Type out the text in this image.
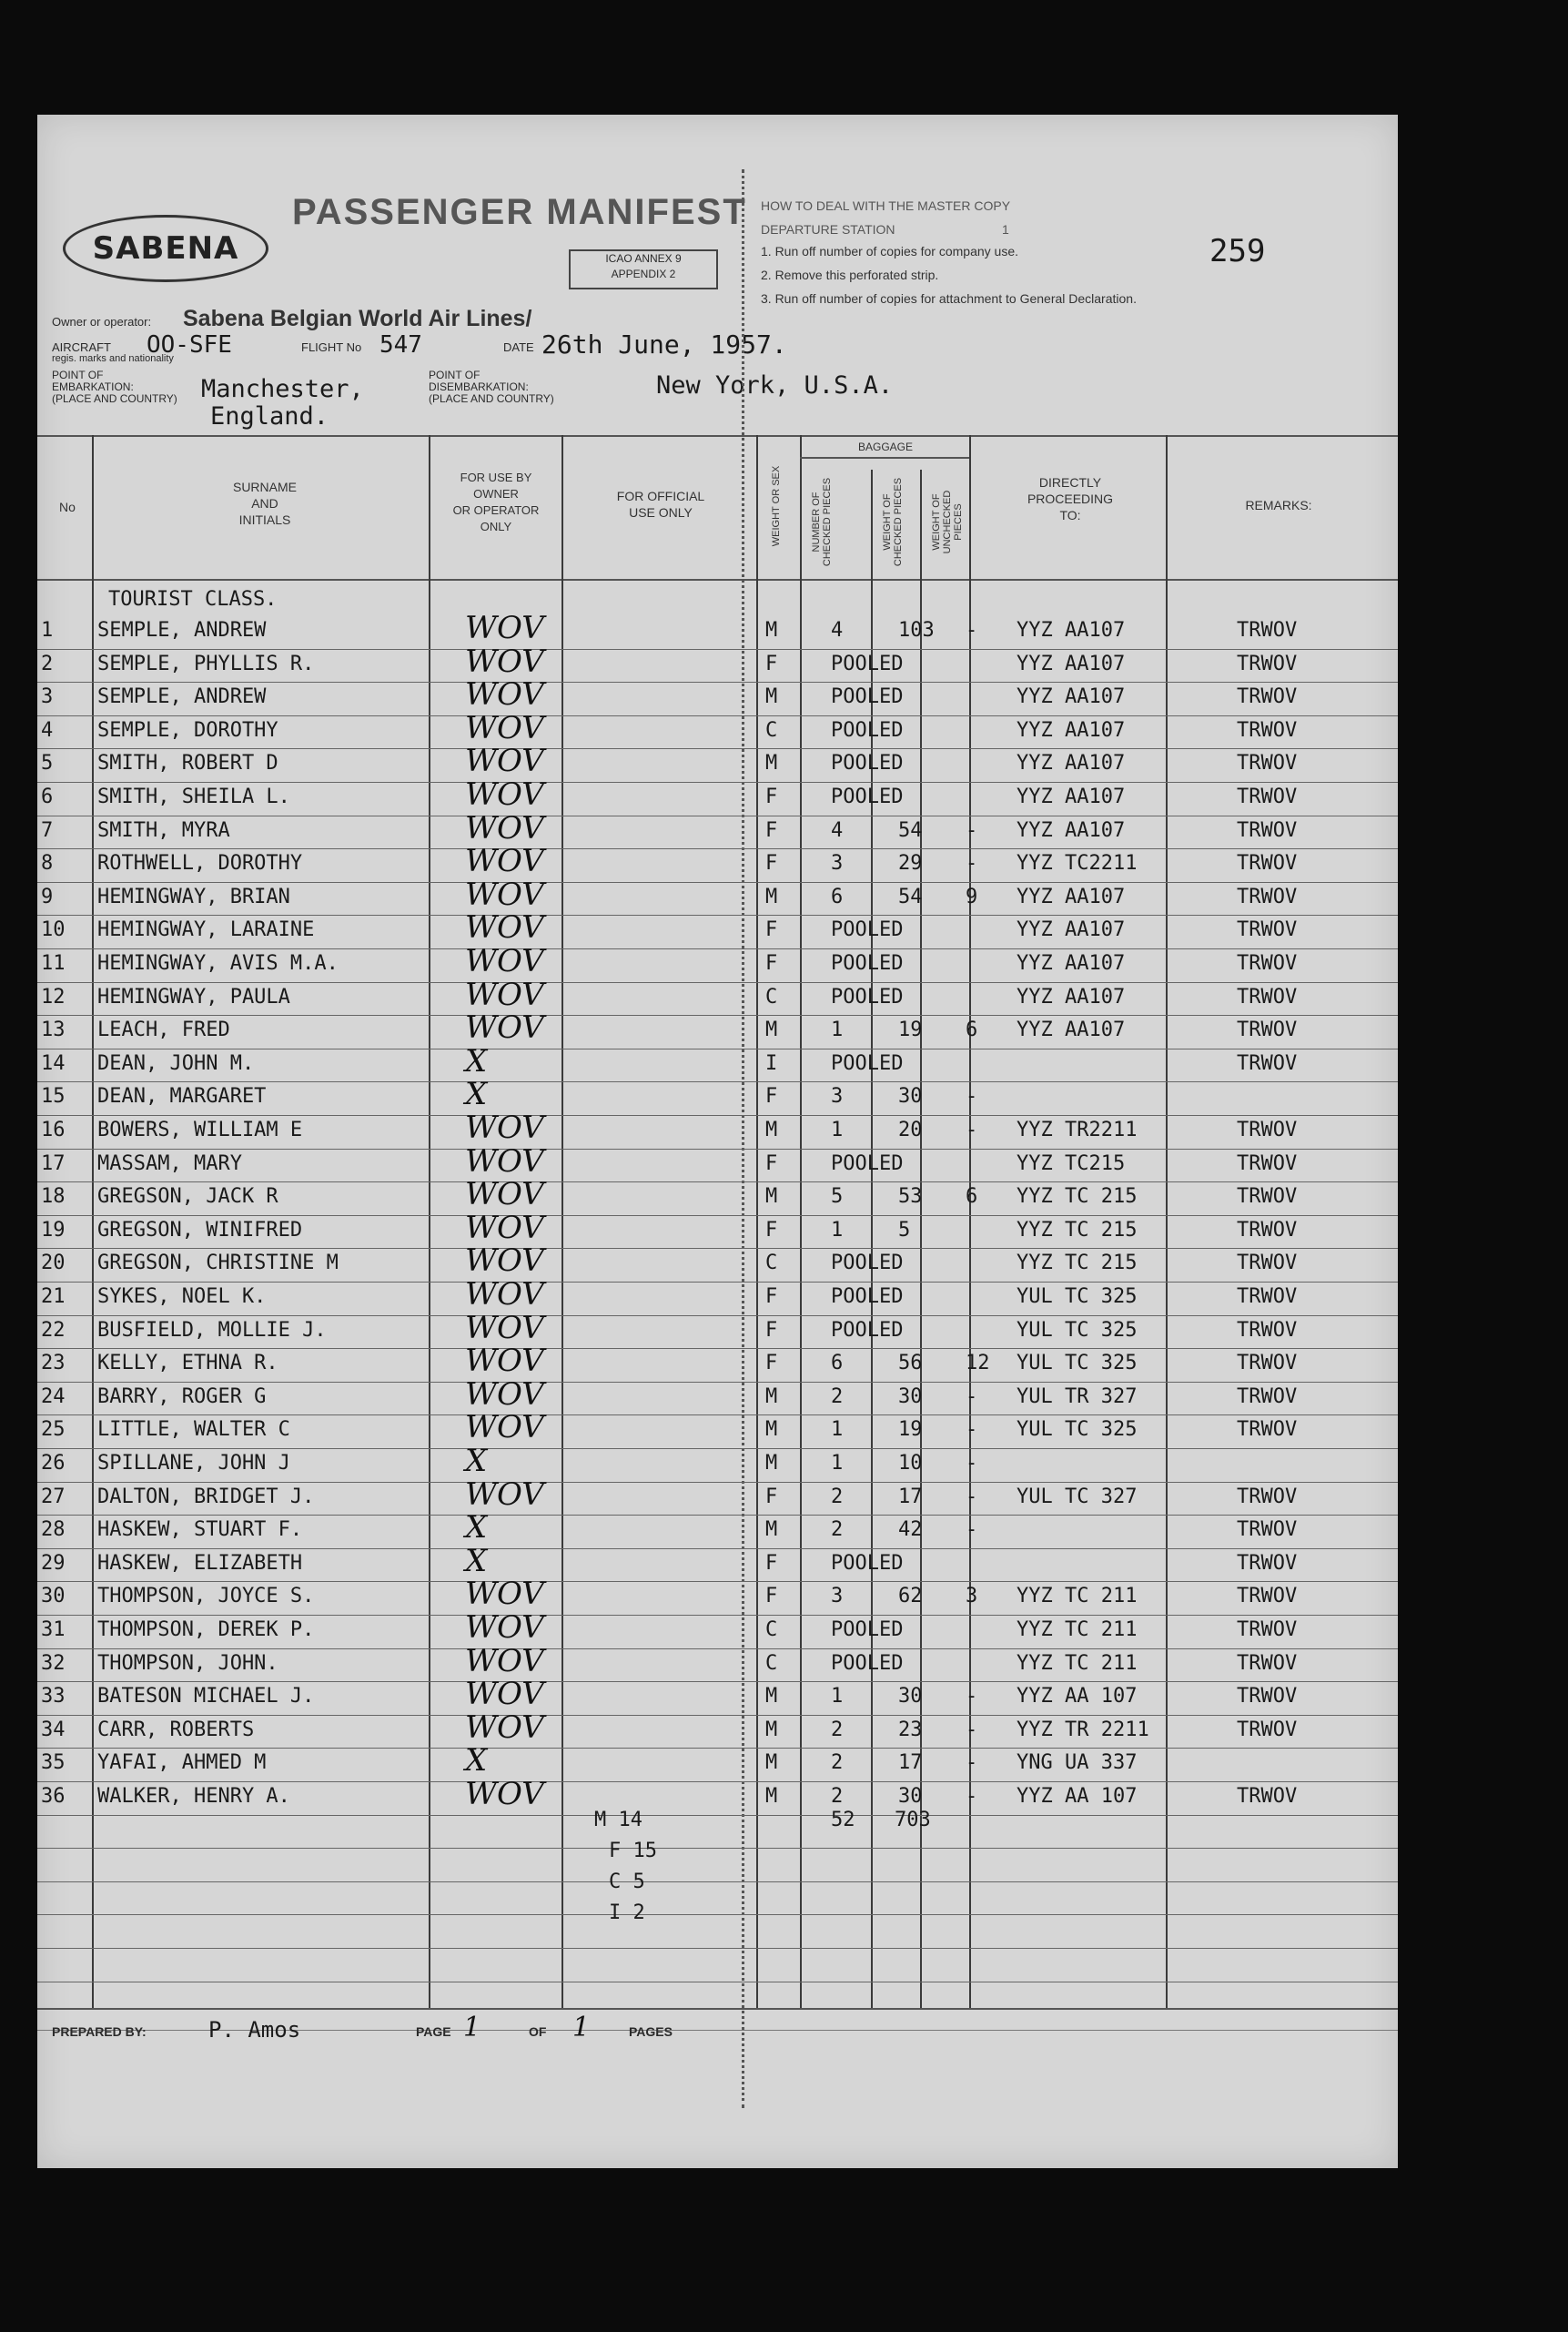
SABENA
PASSENGER MANIFEST
ICAO ANNEX 9
APPENDIX 2
HOW TO DEAL WITH THE MASTER COPY
DEPARTURE STATION	1
1. Run off number of copies for company use.
2. Remove this perforated strip.
3. Run off number of copies for attachment to General Declaration.
259
Owner or operator: Sabena Belgian World Air Lines/
AIRCRAFT
regis. marks and nationality
OO-SFE	FLIGHT No 547	DATE 26th June, 1957.
POINT OF
EMBARKATION:
(PLACE AND COUNTRY) Manchester,
England.
POINT OF
DISEMBARKATION:
(PLACE AND COUNTRY)	New York, U.S.A.
No
SURNAME
AND
INITIALS
FOR USE BY
OWNER
OR OPERATOR
ONLY
FOR OFFICIAL
USE ONLY	WEIGHT OR SEX
BAGGAGE
NUMBER OF CHECKED PIECES	WEIGHT OF CHECKED PIECES	WEIGHT OF UNCHECKED PIECES
DIRECTLY
PROCEEDING
TO:
REMARKS:
TOURIST CLASS.
1 SEMPLE, ANDREW	WOV	M	4	103 - YYZ AA107	TRWOV
2 SEMPLE, PHYLLIS R.	WOV	F	POOLED	YYZ AA107	TRWOV
3 SEMPLE, ANDREW	WOV	M	POOLED	YYZ AA107	TRWOV
4 SEMPLE, DOROTHY	WOV	C	POOLED	YYZ AA107	TRWOV
5 SMITH, ROBERT D	WOV	M	POOLED	YYZ AA107	TRWOV
6 SMITH, SHEILA L.	WOV	F	POOLED	YYZ AA107	TRWOV
7 SMITH, MYRA	WOV	F	4	54 - YYZ AA107	TRWOV
8 ROTHWELL, DOROTHY	WOV	F	3	29 - YYZ TC2211	TRWOV
9 HEMINGWAY, BRIAN	WOV	M	6	54 9 YYZ AA107	TRWOV
10 HEMINGWAY, LARAINE	WOV	F	POOLED	YYZ AA107	TRWOV
11 HEMINGWAY, AVIS M.A.	WOV	F	POOLED	YYZ AA107	TRWOV
12 HEMINGWAY, PAULA	WOV	C	POOLED	YYZ AA107	TRWOV
13 LEACH, FRED	WOV	M	1	19 6 YYZ AA107	TRWOV
14 DEAN, JOHN M.	X	I	POOLED	TRWOV
15 DEAN, MARGARET	X	F	3	30 -
16 BOWERS, WILLIAM E	WOV	M	1	20 - YYZ TR2211	TRWOV
17 MASSAM, MARY	WOV	F	POOLED	YYZ TC215	TRWOV
18 GREGSON, JACK R	WOV	M	5	53 6 YYZ TC 215	TRWOV
19 GREGSON, WINIFRED	WOV	F	1	5	YYZ TC 215	TRWOV
20 GREGSON, CHRISTINE M	WOV	C	POOLED	YYZ TC 215	TRWOV
21 SYKES, NOEL K.	WOV	F	POOLED	YUL TC 325	TRWOV
22 BUSFIELD, MOLLIE J.	WOV	F	POOLED	YUL TC 325	TRWOV
23 KELLY, ETHNA R.	WOV	F	6	56 12 YUL TC 325	TRWOV
24 BARRY, ROGER G	WOV	M	2	30 - YUL TR 327	TRWOV
25 LITTLE, WALTER C	WOV	M	1	19 - YUL TC 325	TRWOV
26 SPILLANE, JOHN J	X	M	1	10 -
27 DALTON, BRIDGET J.	WOV	F	2	17 - YUL TC 327	TRWOV
28 HASKEW, STUART F.	X	M	2	42 -	TRWOV
29 HASKEW, ELIZABETH	X	F	POOLED	TRWOV
30 THOMPSON, JOYCE S.	WOV	F	3	62 3 YYZ TC 211	TRWOV
31 THOMPSON, DEREK P.	WOV	C	POOLED	YYZ TC 211	TRWOV
32 THOMPSON, JOHN.	WOV	C	POOLED	YYZ TC 211	TRWOV
33 BATESON MICHAEL J.	WOV	M	1	30 - YYZ AA 107	TRWOV
34 CARR, ROBERTS	WOV	M	2	23 - YYZ TR 2211	TRWOV
35 YAFAI, AHMED M	X	M	2	17 - YNG UA 337
36 WALKER, HENRY A.	WOV	M	2	30 - YYZ AA 107	TRWOV
M 14
F 15
C 5
I 2
52 703
PREPARED BY:	P. Amos	PAGE 1	OF 1	PAGES
